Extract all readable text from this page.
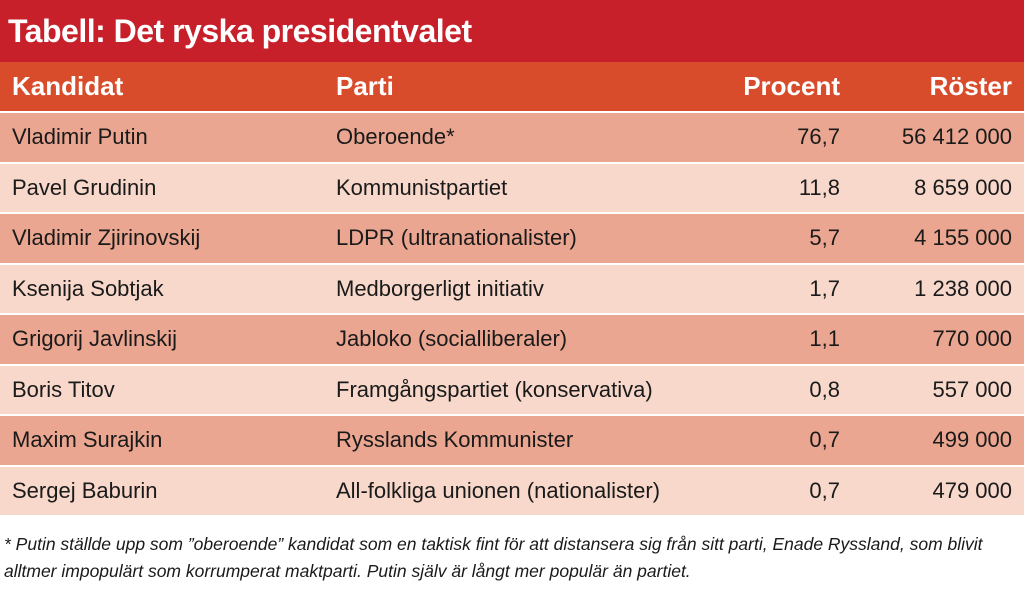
Tabell: Det ryska presidentvalet
Kandidat	Parti	Procent	Röster
Vladimir Putin	Oberoende*	76,7	56 412 000
Pavel Grudinin	Kommunistpartiet	11,8	8 659 000
Vladimir Zjirinovskij	LDPR (ultranationalister)	5,7	4 155 000
Ksenija Sobtjak	Medborgerligt initiativ	1,7	1 238 000
Grigorij Javlinskij	Jabloko (socialliberaler)	1,1	770 000
Boris Titov	Framgångspartiet (konservativa)	0,8	557 000
Maxim Surajkin	Rysslands Kommunister	0,7	499 000
Sergej Baburin	All-folkliga unionen (nationalister)	0,7	479 000
* Putin ställde upp som ”oberoende” kandidat som en taktisk fint för att distansera sig från sitt parti, Enade Ryssland, som blivit alltmer impopulärt som korrumperat maktparti. Putin själv är långt mer populär än partiet.
